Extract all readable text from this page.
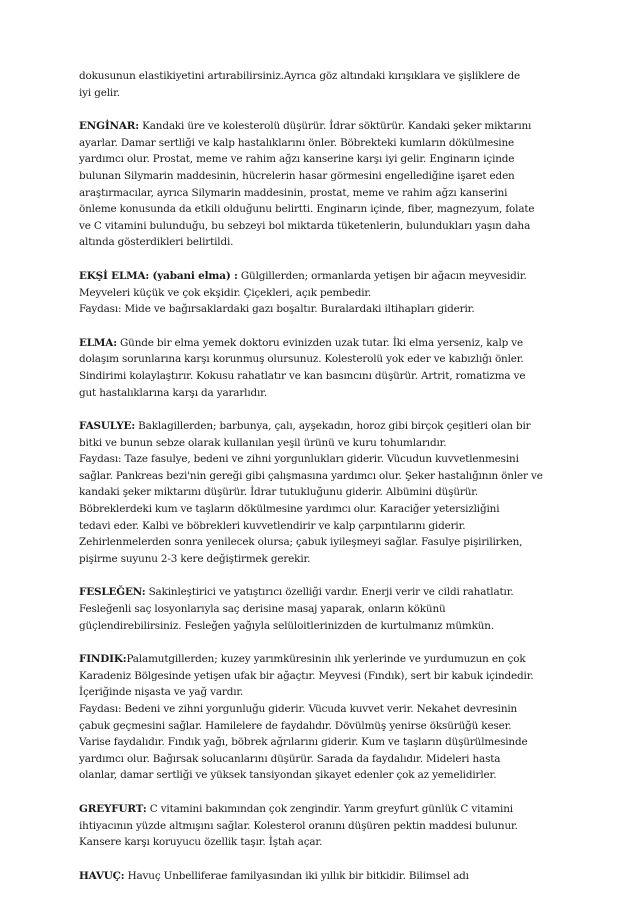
dokusunun elastikiyetini artırabilirsiniz.Ayrıca göz altındaki kırışıklara ve şişliklere de
iyi gelir.

ENGİNAR: Kandaki üre ve kolesterolü düşürür. İdrar söktürür. Kandaki şeker miktarını
ayarlar. Damar sertliği ve kalp hastalıklarını önler. Böbrekteki kumların dökülmesine
yardımcı olur. Prostat, meme ve rahim ağzı kanserine karşı iyi gelir. Enginarın içinde
bulunan Silymarin maddesinin, hücrelerin hasar görmesini engellediğine işaret eden
araştırmacılar, ayrıca Silymarin maddesinin, prostat, meme ve rahim ağzı kanserini
önleme konusunda da etkili olduğunu belirtti. Enginarın içinde, fiber, magnezyum, folate
ve C vitamini bulunduğu, bu sebzeyi bol miktarda tüketenlerin, bulundukları yaşın daha
altında gösterdikleri belirtildi.

EKŞİ ELMA: (yabani elma) : Gülgillerden; ormanlarda yetişen bir ağacın meyvesidir.
Meyveleri küçük ve çok ekşidir. Çiçekleri, açık pembedir.
Faydası: Mide ve bağırsaklardaki gazı boşaltır. Buralardaki iltihapları giderir.

ELMA: Günde bir elma yemek doktoru evinizden uzak tutar. İki elma yerseniz, kalp ve
dolaşım sorunlarına karşı korunmuş olursunuz. Kolesterolü yok eder ve kabızlığı önler.
Sindirimi kolaylaştırır. Kokusu rahatlatır ve kan basıncını düşürür. Artrit, romatizma ve
gut hastalıklarına karşı da yararlıdır.

FASULYE: Baklagillerden; barbunya, çalı, ayşekadın, horoz gibi birçok çeşitleri olan bir
bitki ve bunun sebze olarak kullanılan yeşil ürünü ve kuru tohumlarıdır.
Faydası: Taze fasulye, bedeni ve zihni yorgunlukları giderir. Vücudun kuvvetlenmesini
sağlar. Pankreas bezi'nin gereği gibi çalışmasına yardımcı olur. Şeker hastalığının önler ve
kandaki şeker miktarını düşürür. İdrar tutukluğunu giderir. Albümini düşürür.
Böbreklerdeki kum ve taşların dökülmesine yardımcı olur. Karaciğer yetersizliğini
tedavi eder. Kalbi ve böbrekleri kuvvetlendirir ve kalp çarpıntılarını giderir.
Zehirlenmelerden sonra yenilecek olursa; çabuk iyileşmeyi sağlar. Fasulye pişirilirken,
pişirme suyunu 2-3 kere değiştirmek gerekir.

FESLEĞEN: Sakinleştirici ve yatıştırıcı özelliği vardır. Enerji verir ve cildi rahatlatır.
Fesleğenli saç losyonlarıyla saç derisine masaj yaparak, onların kökünü
güçlendirebilirsiniz. Fesleğen yağıyla selüloitlerinizden de kurtulmanız mümkün.

FINDIK:Palamutgillerden; kuzey yarımküresinin ılık yerlerinde ve yurdumuzun en çok
Karadeniz Bölgesinde yetişen ufak bir ağaçtır. Meyvesi (Fındık), sert bir kabuk içindedir.
İçeriğinde nişasta ve yağ vardır.
Faydası: Bedeni ve zihni yorgunluğu giderir. Vücuda kuvvet verir. Nekahet devresinin
çabuk geçmesini sağlar. Hamilelere de faydalıdır. Dövülmüş yenirse öksürüğü keser.
Varise faydalıdır. Fındık yağı, böbrek ağrılarını giderir. Kum ve taşların düşürülmesinde
yardımcı olur. Bağırsak solucanlarını düşürür. Sarada da faydalıdır. Mideleri hasta
olanlar, damar sertliği ve yüksek tansiyondan şikayet edenler çok az yemelidirler.

GREYFURT: C vitamini bakımından çok zengindir. Yarım greyfurt günlük C vitamini
ihtiyacının yüzde altmışını sağlar. Kolesterol oranını düşüren pektin maddesi bulunur.
Kansere karşı koruyucu özellik taşır. İştah açar.

HAVUÇ: Havuç Unbelliferae familyasından iki yıllık bir bitkidir. Bilimsel adı
